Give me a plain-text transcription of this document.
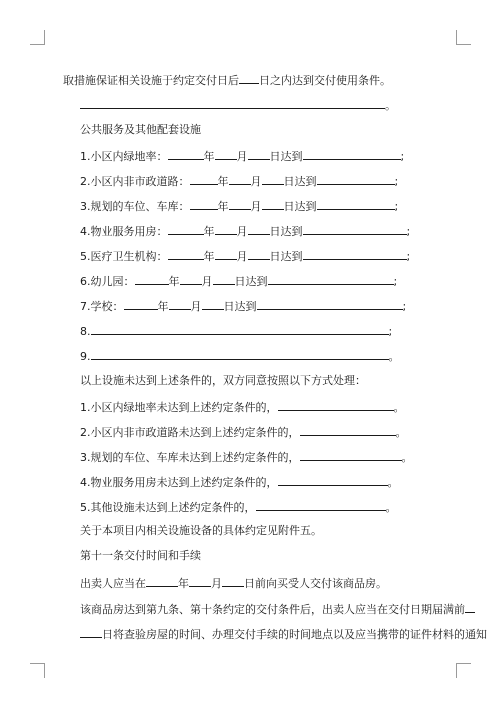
取措施保证相关设施于约定交付日后 日之内达到交付使用条件。
。
公共服务及其他配套设施
1.小区内绿地率：	年 月 日达到	;
2.小区内非市政道路：	年 月 日达到	;
3.规划的车位、车库：	年 月 日达到	;
4.物业服务用房：	年 月 日达到	;
5.医疗卫生机构：	年 月 日达到	;
6.幼儿园：	年 月 日达到	;
7.学校：	年 月 日达到	;
8.	;
9.	。
以上设施未达到上述条件的，双方同意按照以下方式处理：
1.小区内绿地率未达到上述约定条件的，	。
2.小区内非市政道路未达到上述约定条件的，	。
3.规划的车位、车库未达到上述约定条件的，	。
4.物业服务用房未达到上述约定条件的，	。
5.其他设施未达到上述约定条件的，	。
关于本项目内相关设施设备的具体约定见附件五。
第十一条交付时间和手续
出卖人应当在	年 月 日前向买受人交付该商品房。
该商品房达到第九条、第十条约定的交付条件后，出卖人应当在交付日期届满前
日将查验房屋的时间、办理交付手续的时间地点以及应当携带的证件材料的通知
